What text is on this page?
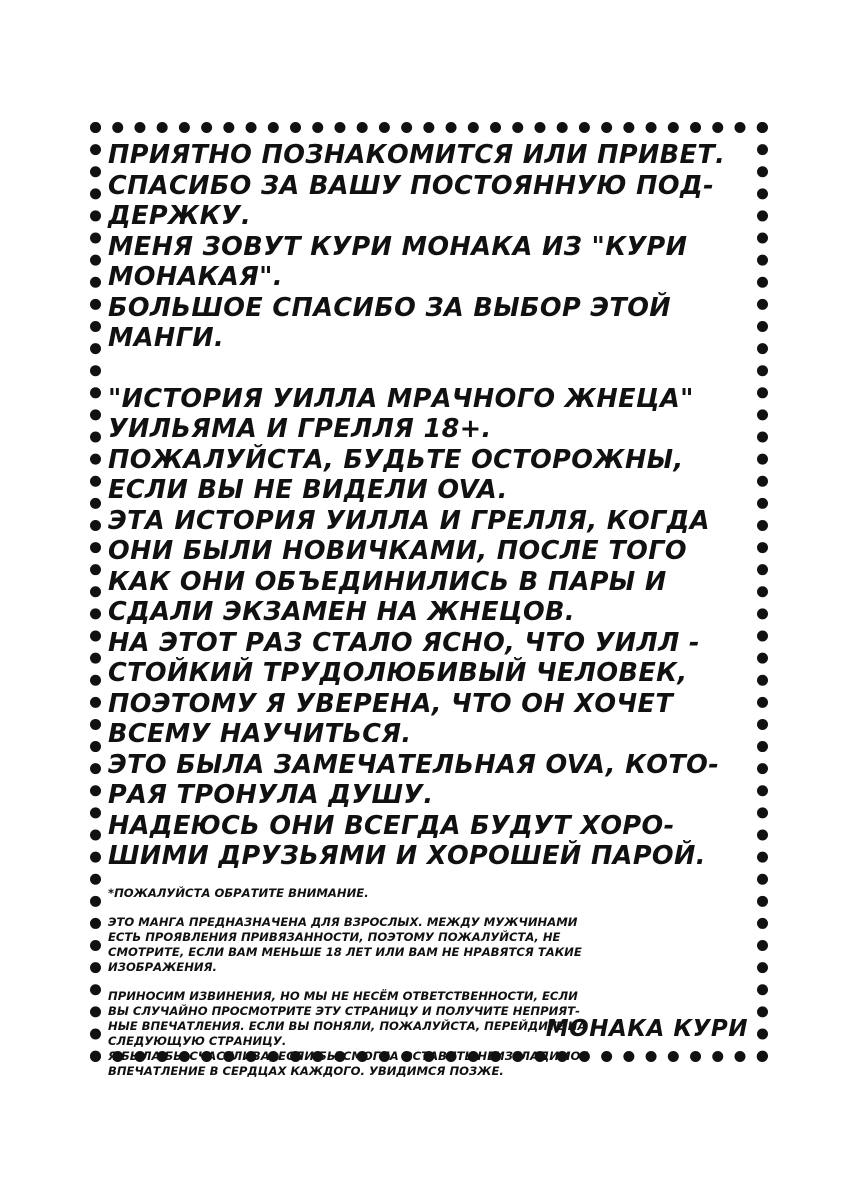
ПРИЯТНО ПОЗНАКОМИТСЯ ИЛИ ПРИВЕТ.
СПАСИБО ЗА ВАШУ ПОСТОЯННУЮ ПОД-
ДЕРЖКУ.
МЕНЯ ЗОВУТ КУРИ МОНАКА ИЗ "КУРИ
МОНАКАЯ".
БОЛЬШОЕ СПАСИБО ЗА ВЫБОР ЭТОЙ
МАНГИ.
"ИСТОРИЯ УИЛЛА МРАЧНОГО ЖНЕЦА"
УИЛЬЯМА И ГРЕЛЛЯ 18+.
ПОЖАЛУЙСТА, БУДЬТЕ ОСТОРОЖНЫ,
ЕСЛИ ВЫ НЕ ВИДЕЛИ OVA.
ЭТА ИСТОРИЯ УИЛЛА И ГРЕЛЛЯ, КОГДА
ОНИ БЫЛИ НОВИЧКАМИ, ПОСЛЕ ТОГО
КАК ОНИ ОБЪЕДИНИЛИСЬ В ПАРЫ И
СДАЛИ ЭКЗАМЕН НА ЖНЕЦОВ.
НА ЭТОТ РАЗ СТАЛО ЯСНО, ЧТО УИЛЛ -
СТОЙКИЙ ТРУДОЛЮБИВЫЙ ЧЕЛОВЕК,
ПОЭТОМУ Я УВЕРЕНА, ЧТО ОН ХОЧЕТ
ВСЕМУ НАУЧИТЬСЯ.
ЭТО БЫЛА ЗАМЕЧАТЕЛЬНАЯ OVA, КОТО-
РАЯ ТРОНУЛА ДУШУ.
НАДЕЮСЬ ОНИ ВСЕГДА БУДУТ ХОРО-
ШИМИ ДРУЗЬЯМИ И ХОРОШЕЙ ПАРОЙ.
*ПОЖАЛУЙСТА ОБРАТИТЕ ВНИМАНИЕ.
ЭТО МАНГА ПРЕДНАЗНАЧЕНА ДЛЯ ВЗРОСЛЫХ. МЕЖДУ МУЖЧИНАМИ
ЕСТЬ ПРОЯВЛЕНИЯ ПРИВЯЗАННОСТИ, ПОЭТОМУ ПОЖАЛУЙСТА, НЕ
СМОТРИТЕ, ЕСЛИ ВАМ МЕНЬШЕ 18 ЛЕТ ИЛИ ВАМ НЕ НРАВЯТСЯ ТАКИЕ
ИЗОБРАЖЕНИЯ.
ПРИНОСИМ ИЗВИНЕНИЯ, НО МЫ НЕ НЕСЁМ ОТВЕТСТВЕННОСТИ, ЕСЛИ
ВЫ СЛУЧАЙНО ПРОСМОТРИТЕ ЭТУ СТРАНИЦУ И ПОЛУЧИТЕ НЕПРИЯТ-
НЫЕ ВПЕЧАТЛЕНИЯ. ЕСЛИ ВЫ ПОНЯЛИ, ПОЖАЛУЙСТА, ПЕРЕЙДИТЕ НА
СЛЕДУЮЩУЮ СТРАНИЦУ.
Я БЫЛА БЫ СЧАСТЛИВА, ЕСЛИ БЫ СМОГЛА ОСТАВИТЬ НЕИЗГЛАДИМОЕ
ВПЕЧАТЛЕНИЕ В СЕРДЦАХ КАЖДОГО. УВИДИМСЯ ПОЗЖЕ.
МОНАКА КУРИ
